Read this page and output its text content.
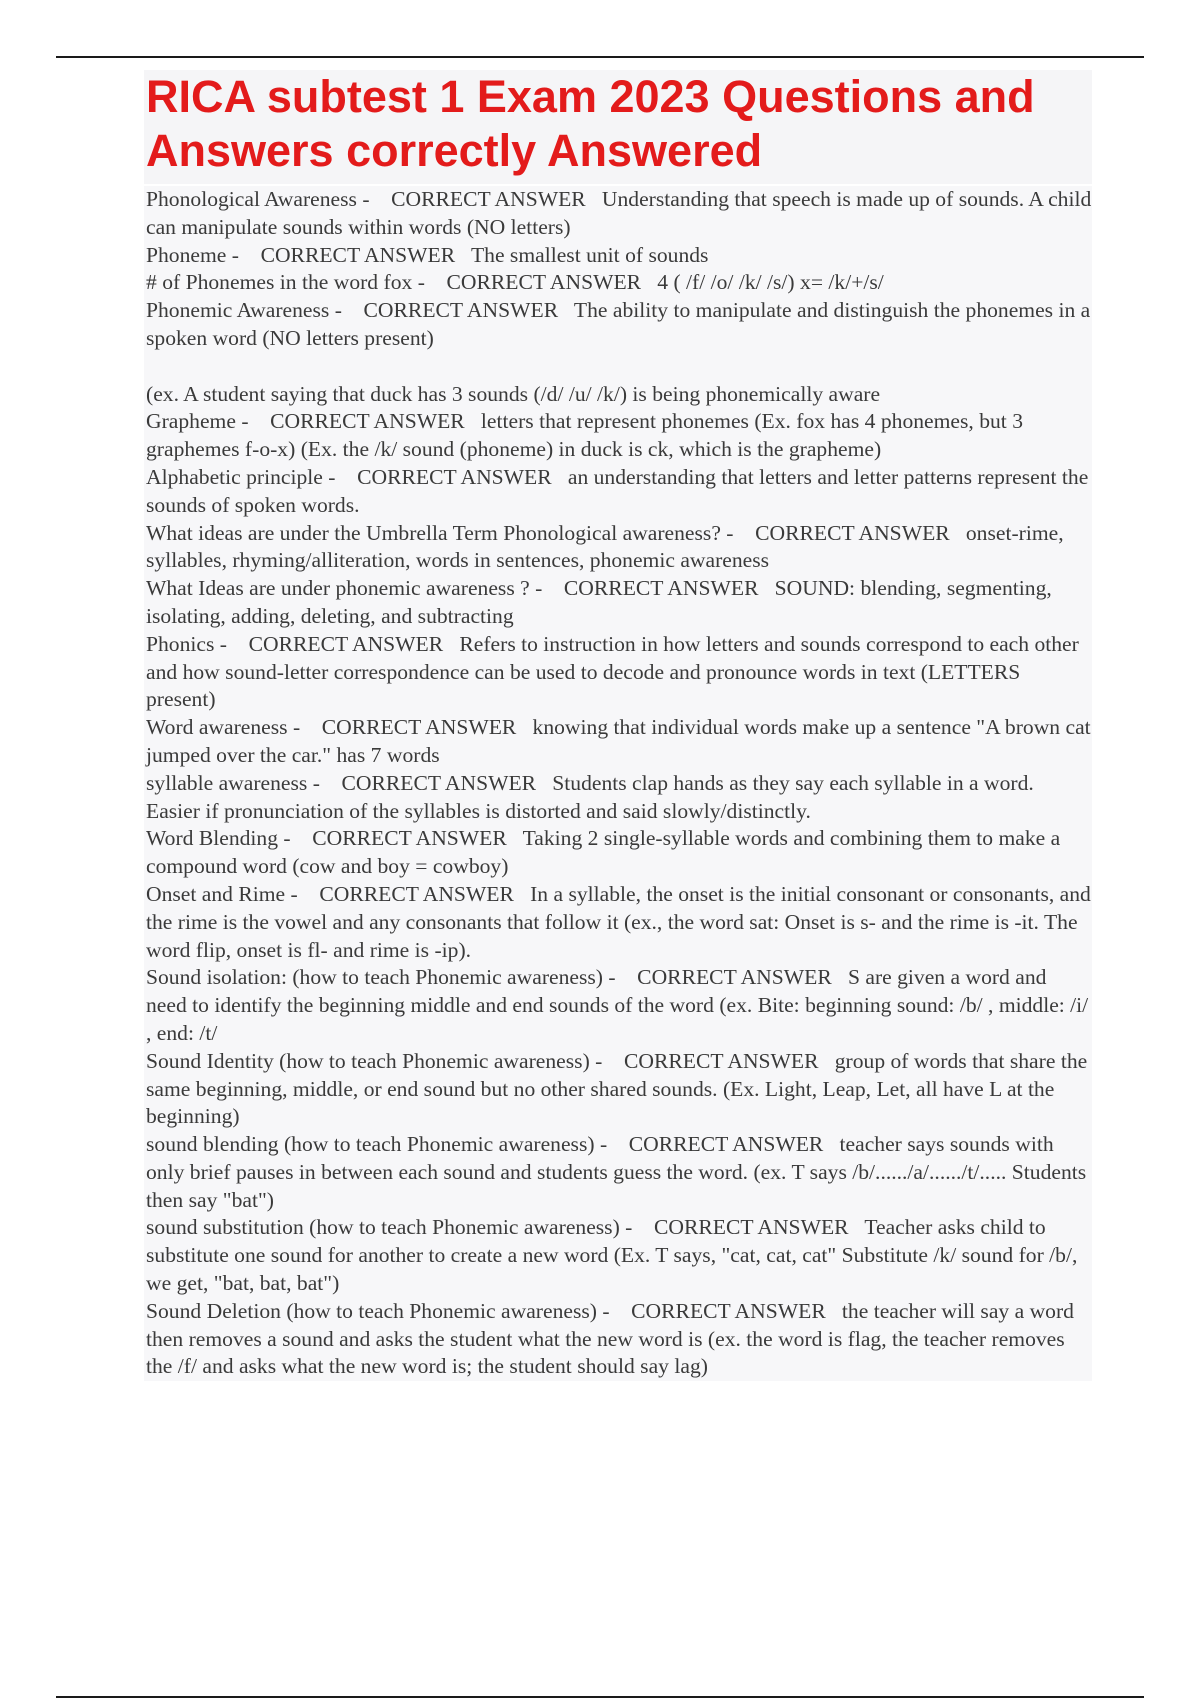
RICA subtest 1 Exam 2023 Questions and Answers correctly Answered
Phonological Awareness -    CORRECT ANSWER Understanding that speech is made up of sounds. A child can manipulate sounds within words (NO letters)
Phoneme -    CORRECT ANSWER The smallest unit of sounds
# of Phonemes in the word fox -    CORRECT ANSWER 4 ( /f/ /o/ /k/ /s/) x= /k/+/s/
Phonemic Awareness -    CORRECT ANSWER The ability to manipulate and distinguish the phonemes in a spoken word (NO letters present)
(ex. A student saying that duck has 3 sounds (/d/ /u/ /k/) is being phonemically aware
Grapheme -    CORRECT ANSWER letters that represent phonemes (Ex. fox has 4 phonemes, but 3 graphemes f-o-x) (Ex. the /k/ sound (phoneme) in duck is ck, which is the grapheme)
Alphabetic principle -    CORRECT ANSWER an understanding that letters and letter patterns represent the sounds of spoken words.
What ideas are under the Umbrella Term Phonological awareness? -    CORRECT ANSWER onset-rime, syllables, rhyming/alliteration, words in sentences, phonemic awareness
What Ideas are under phonemic awareness ? -    CORRECT ANSWER SOUND: blending, segmenting, isolating, adding, deleting, and subtracting
Phonics -    CORRECT ANSWER Refers to instruction in how letters and sounds correspond to each other and how sound-letter correspondence can be used to decode and pronounce words in text (LETTERS present)
Word awareness -    CORRECT ANSWER knowing that individual words make up a sentence "A brown cat jumped over the car." has 7 words
syllable awareness -    CORRECT ANSWER Students clap hands as they say each syllable in a word. Easier if pronunciation of the syllables is distorted and said slowly/distinctly.
Word Blending -    CORRECT ANSWER Taking 2 single-syllable words and combining them to make a compound word (cow and boy = cowboy)
Onset and Rime -    CORRECT ANSWER In a syllable, the onset is the initial consonant or consonants, and the rime is the vowel and any consonants that follow it (ex., the word sat: Onset is s- and the rime is -it. The word flip, onset is fl- and rime is -ip).
Sound isolation: (how to teach Phonemic awareness) -    CORRECT ANSWER S are given a word and need to identify the beginning middle and end sounds of the word (ex. Bite: beginning sound: /b/ , middle: /i/ , end: /t/
Sound Identity (how to teach Phonemic awareness) -    CORRECT ANSWER group of words that share the same beginning, middle, or end sound but no other shared sounds. (Ex. Light, Leap, Let, all have L at the beginning)
sound blending (how to teach Phonemic awareness) -    CORRECT ANSWER teacher says sounds with only brief pauses in between each sound and students guess the word. (ex. T says /b/....../a/....../t/..... Students then say "bat")
sound substitution (how to teach Phonemic awareness) -    CORRECT ANSWER Teacher asks child to substitute one sound for another to create a new word (Ex. T says, "cat, cat, cat" Substitute /k/ sound for /b/, we get, "bat, bat, bat")
Sound Deletion (how to teach Phonemic awareness) -    CORRECT ANSWER the teacher will say a word then removes a sound and asks the student what the new word is (ex. the word is flag, the teacher removes the /f/ and asks what the new word is; the student should say lag)
